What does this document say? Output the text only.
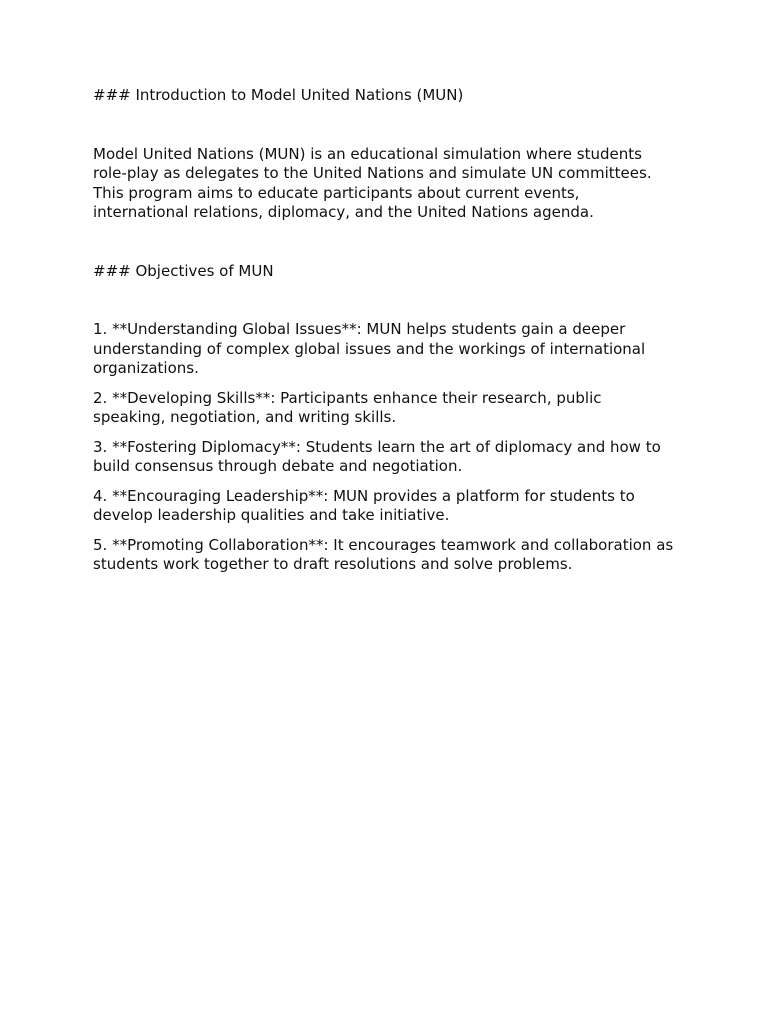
### Introduction to Model United Nations (MUN)

Model United Nations (MUN) is an educational simulation where students role-play as delegates to the United Nations and simulate UN committees. This program aims to educate participants about current events, international relations, diplomacy, and the United Nations agenda.

### Objectives of MUN

1. **Understanding Global Issues**: MUN helps students gain a deeper understanding of complex global issues and the workings of international organizations.

2. **Developing Skills**: Participants enhance their research, public speaking, negotiation, and writing skills.

3. **Fostering Diplomacy**: Students learn the art of diplomacy and how to build consensus through debate and negotiation.

4. **Encouraging Leadership**: MUN provides a platform for students to develop leadership qualities and take initiative.

5. **Promoting Collaboration**: It encourages teamwork and collaboration as students work together to draft resolutions and solve problems.
